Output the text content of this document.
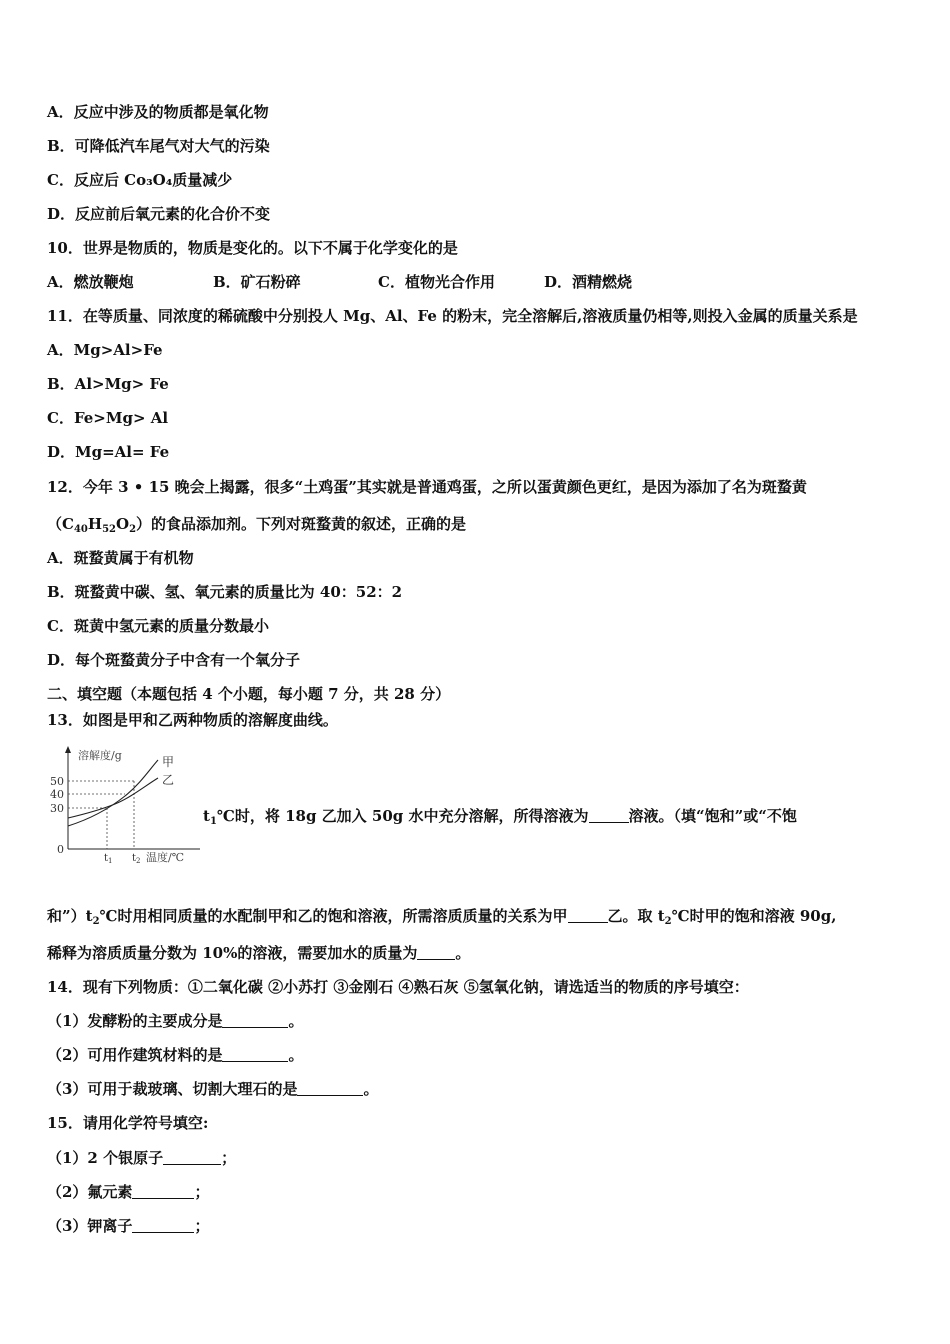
A．反应中涉及的物质都是氧化物
B．可降低汽车尾气对大气的污染
C．反应后 Co₃O₄质量减少
D．反应前后氧元素的化合价不变
10．世界是物质的，物质是变化的。以下不属于化学变化的是
A．燃放鞭炮	B．矿石粉碎	C．植物光合作用	D．酒精燃烧
11．在等质量、同浓度的稀硫酸中分别投人 Mg、Al、Fe 的粉末，完全溶解后,溶液质量仍相等,则投入金属的质量关系是
A．Mg>Al>Fe
B．Al>Mg> Fe
C．Fe>Mg> Al
D．Mg=Al= Fe
12．今年 3 • 15 晚会上揭露，很多“土鸡蛋”其实就是普通鸡蛋，之所以蛋黄颜色更红，是因为添加了名为斑蝥黄
$(C_{40}H_{52}O_2)$的食品添加剂。下列对斑蝥黄的叙述，正确的是
A．斑蝥黄属于有机物
B．斑蝥黄中碳、氢、氧元素的质量比为 40：52：2
C．斑黄中氢元素的质量分数最小
D．每个斑蝥黄分子中含有一个氧分子
二、填空题（本题包括 4 个小题，每小题 7 分，共 28 分）
13．如图是甲和乙两种物质的溶解度曲线。
溶解度/g
50
40
30
0
甲
乙
$t_1$ $t_2$ 温度/℃
$t_1℃$时，将 18g 乙加入 50g 水中充分溶解，所得溶液为	溶液。（填“饱和”或“不饱
和$”)t_2℃$时用相同质量的水配制甲和乙的饱和溶液，所需溶质质量的关系为甲	乙。取 $t_2℃$时甲的饱和溶液 90g,
稀释为溶质质量分数为 10%的溶液，需要加水的质量为	。
14．现有下列物质：①二氧化碳 ②小苏打 ③金刚石 ④熟石灰 ⑤氢氧化钠，请选适当的物质的序号填空：
（1）发酵粉的主要成分是	。
（2）可用作建筑材料的是	。
（3）可用于裁玻璃、切割大理石的是	。
15．请用化学符号填空:
（1）2 个银原子	；
（2）氟元素	；
（3）钾离子	；
